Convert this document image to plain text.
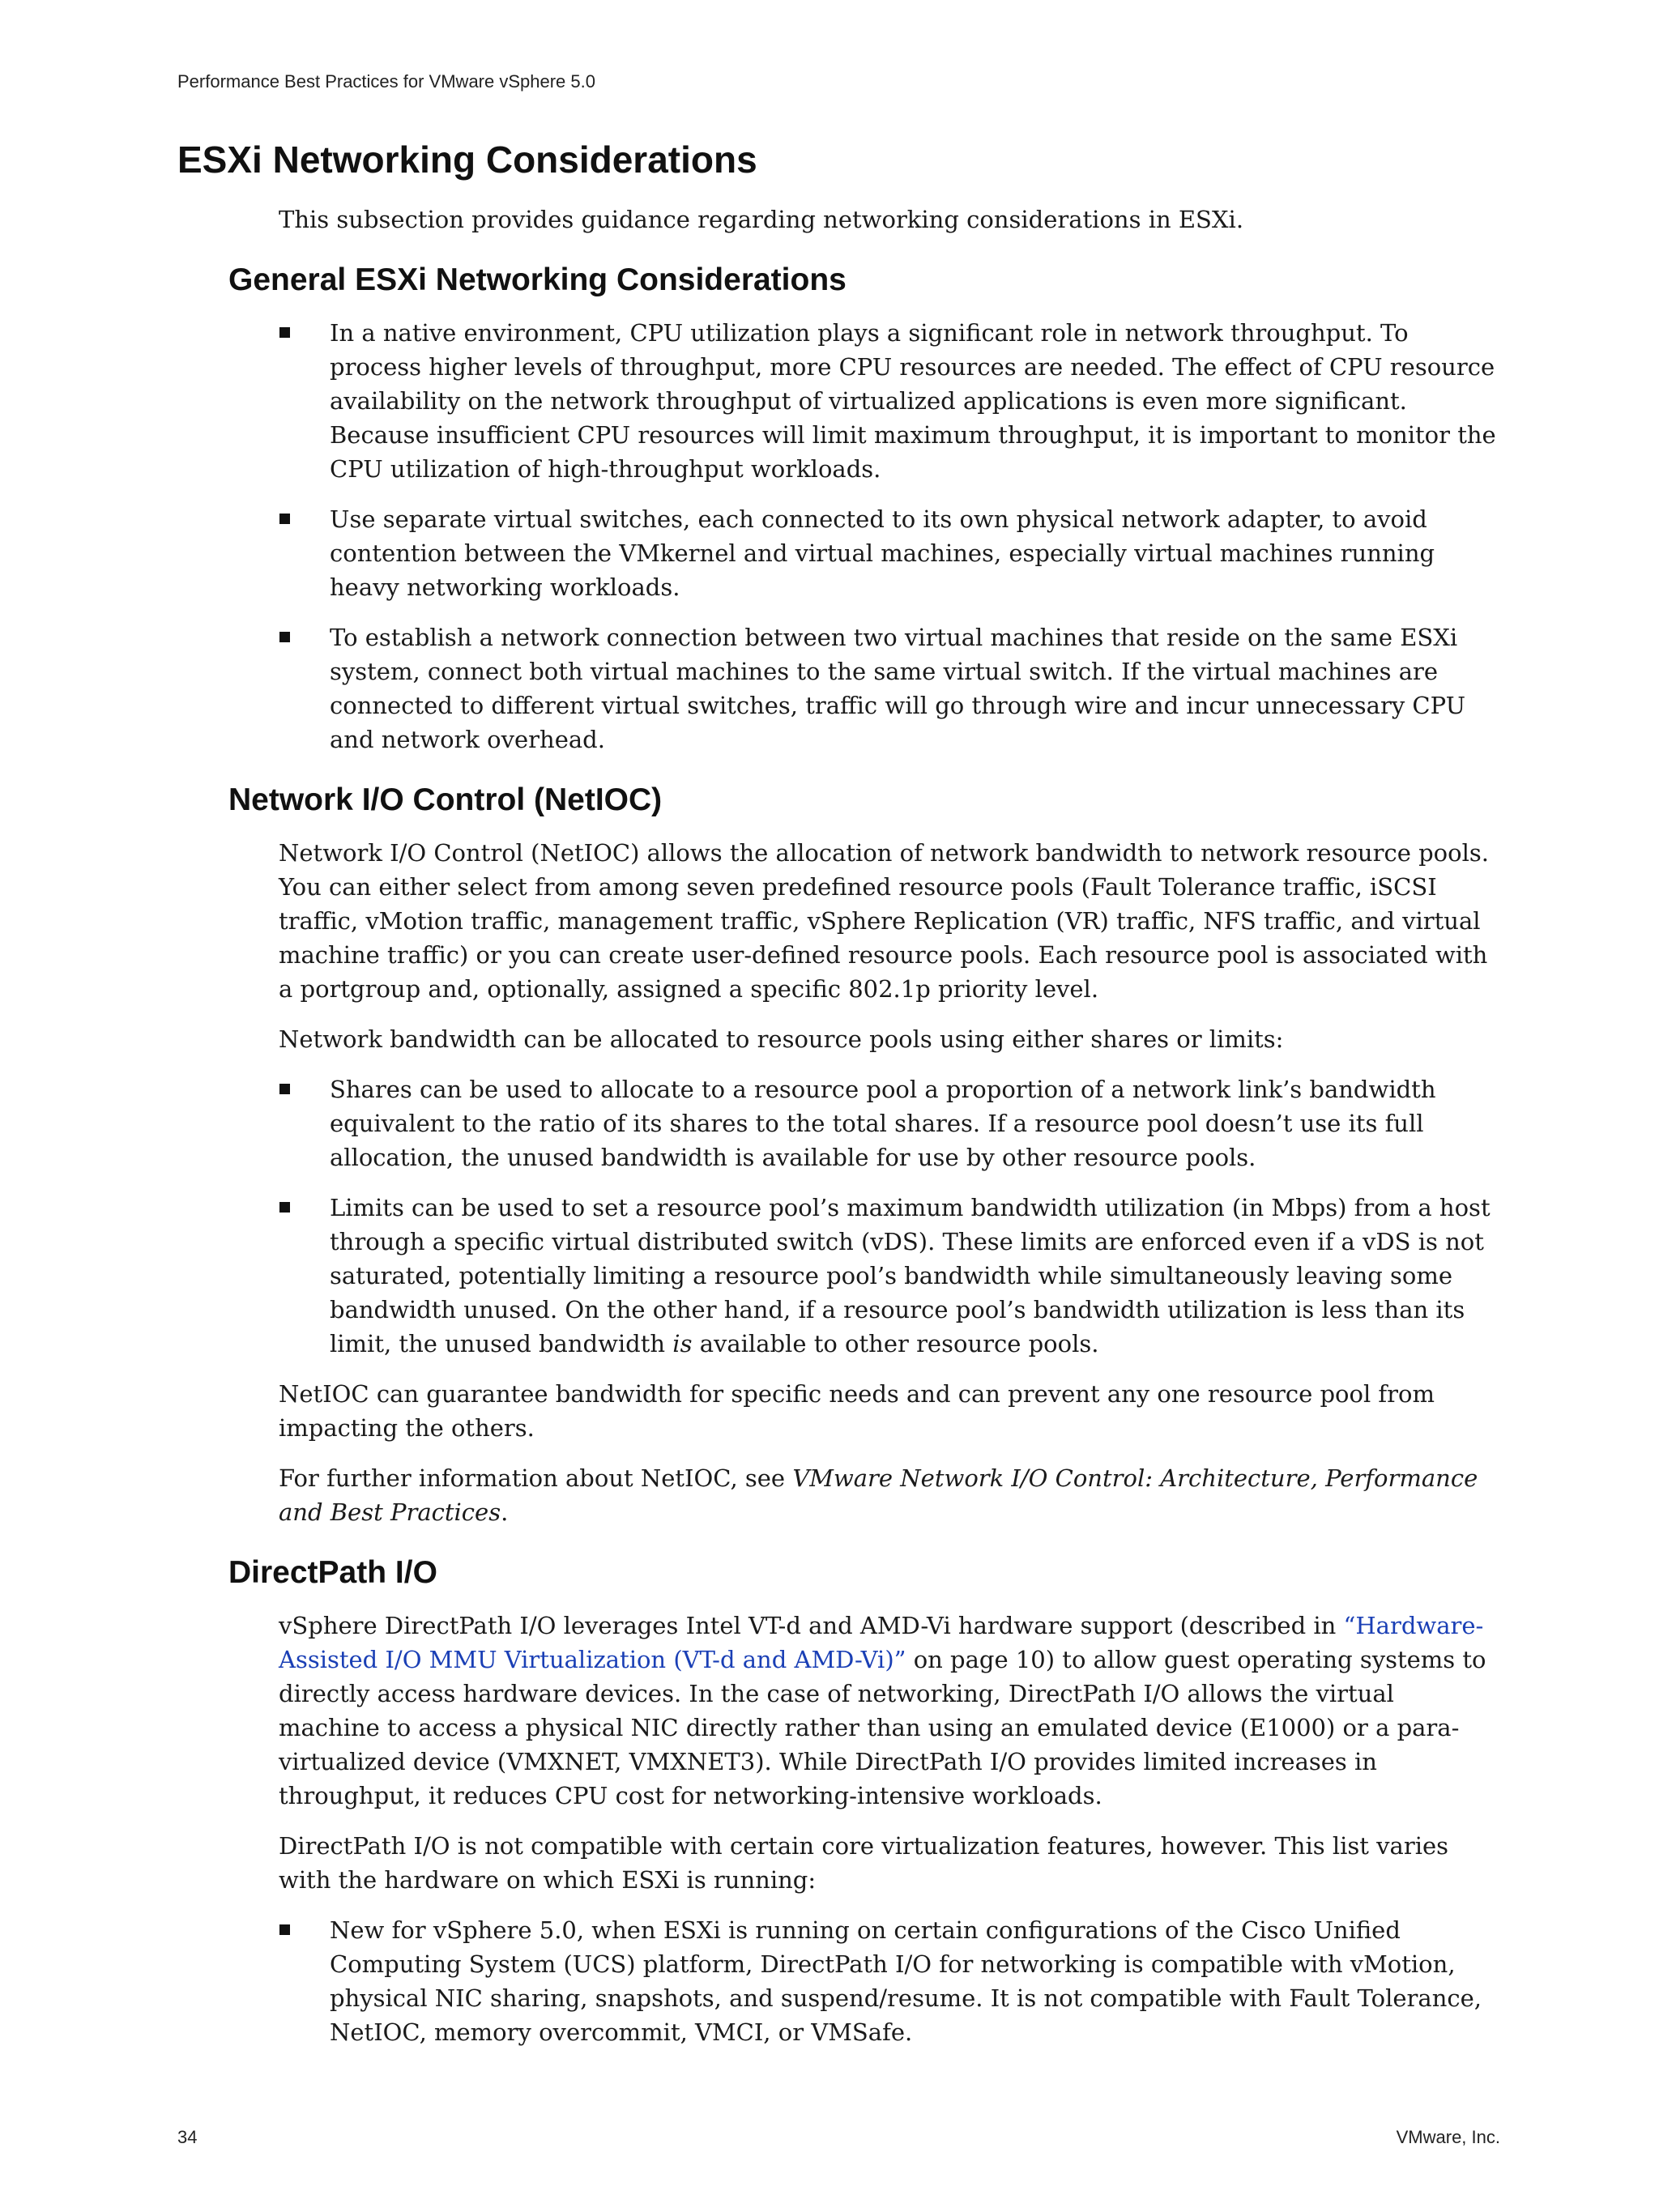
Performance Best Practices for VMware vSphere 5.0
ESXi Networking Considerations

This subsection provides guidance regarding networking considerations in ESXi.

General ESXi Networking Considerations
In a native environment, CPU utilization plays a significant role in network throughput. To process higher levels of throughput, more CPU resources are needed. The effect of CPU resource availability on the network throughput of virtualized applications is even more significant. Because insufficient CPU resources will limit maximum throughput, it is important to monitor the CPU utilization of high-throughput workloads.
Use separate virtual switches, each connected to its own physical network adapter, to avoid contention between the VMkernel and virtual machines, especially virtual machines running heavy networking workloads.
To establish a network connection between two virtual machines that reside on the same ESXi system, connect both virtual machines to the same virtual switch. If the virtual machines are connected to different virtual switches, traffic will go through wire and incur unnecessary CPU and network overhead.
Network I/O Control (NetIOC)

Network I/O Control (NetIOC) allows the allocation of network bandwidth to network resource pools. You can either select from among seven predefined resource pools (Fault Tolerance traffic, iSCSI traffic, vMotion traffic, management traffic, vSphere Replication (VR) traffic, NFS traffic, and virtual machine traffic) or you can create user-defined resource pools. Each resource pool is associated with a portgroup and, optionally, assigned a specific 802.1p priority level.

Network bandwidth can be allocated to resource pools using either shares or limits:

Shares can be used to allocate to a resource pool a proportion of a network link’s bandwidth equivalent to the ratio of its shares to the total shares. If a resource pool doesn’t use its full allocation, the unused bandwidth is available for use by other resource pools.
Limits can be used to set a resource pool’s maximum bandwidth utilization (in Mbps) from a host through a specific virtual distributed switch (vDS). These limits are enforced even if a vDS is not saturated, potentially limiting a resource pool’s bandwidth while simultaneously leaving some bandwidth unused. On the other hand, if a resource pool’s bandwidth utilization is less than its limit, the unused bandwidth is available to other resource pools.

NetIOC can guarantee bandwidth for specific needs and can prevent any one resource pool from impacting the others.

For further information about NetIOC, see VMware Network I/O Control: Architecture, Performance and Best Practices.

DirectPath I/O

vSphere DirectPath I/O leverages Intel VT-d and AMD-Vi hardware support (described in “Hardware-Assisted I/O MMU Virtualization (VT-d and AMD-Vi)” on page 10) to allow guest operating systems to directly access hardware devices. In the case of networking, DirectPath I/O allows the virtual machine to access a physical NIC directly rather than using an emulated device (E1000) or a para-virtualized device (VMXNET, VMXNET3). While DirectPath I/O provides limited increases in throughput, it reduces CPU cost for networking-intensive workloads.

DirectPath I/O is not compatible with certain core virtualization features, however. This list varies with the hardware on which ESXi is running:

New for vSphere 5.0, when ESXi is running on certain configurations of the Cisco Unified Computing System (UCS) platform, DirectPath I/O for networking is compatible with vMotion, physical NIC sharing, snapshots, and suspend/resume. It is not compatible with Fault Tolerance, NetIOC, memory overcommit, VMCI, or VMSafe.
34	VMware, Inc.
